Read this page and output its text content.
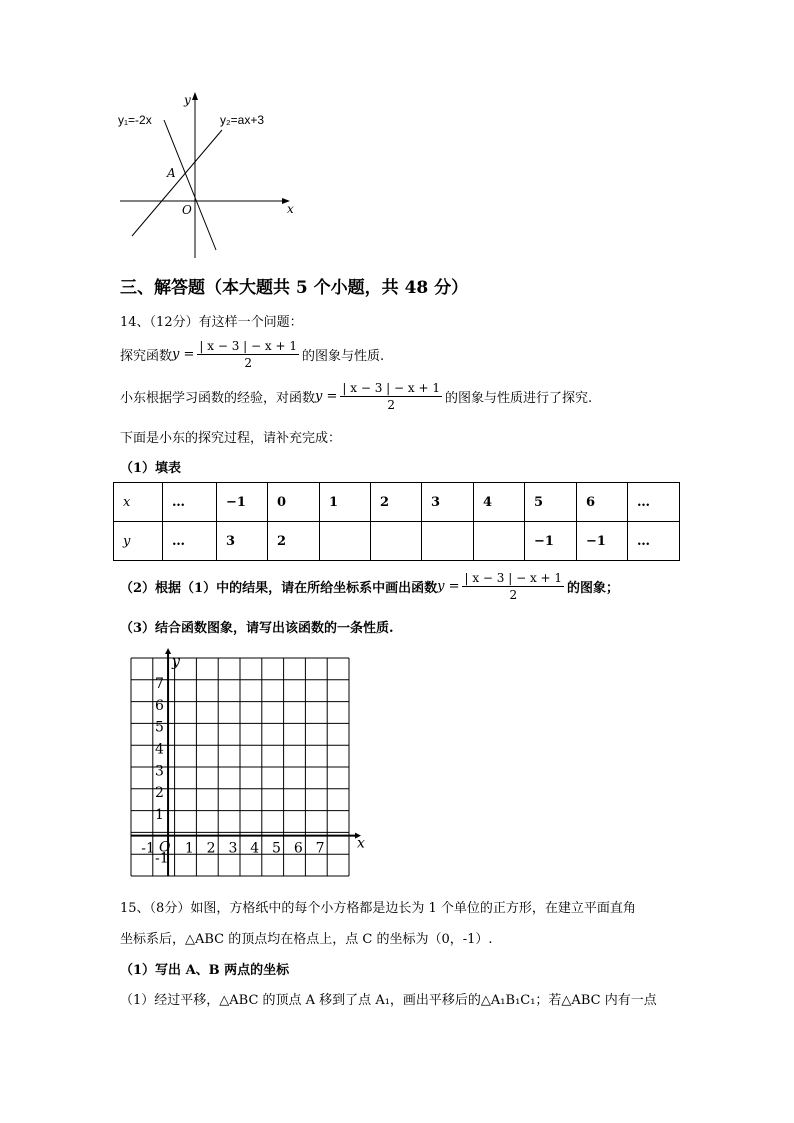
y₁=-2x	y₂=ax+3
A
O	x
y
三、解答题（本大题共 5 个小题，共 48 分）
14、（12分）有这样一个问题：
探究函数 $y = \frac{| x - 3 | - x + 1}{2}$ 的图象与性质.
小东根据学习函数的经验，对函数 $y = \frac{| x - 3 | - x + 1}{2}$ 的图象与性质进行了探究.
下面是小东的探究过程，请补充完成：
（1）填表
x	…	−1	0	1	2	3	4	5	6	…
y	…	3	2					−1	−1	…
（2）根据（1）中的结果，请在所给坐标系中画出函数 $y = \frac{| x - 3 | - x + 1}{2}$ 的图象；
（3）结合函数图象，请写出该函数的一条性质.
7
6
5
4
3
2
1
-1
-1 1 2 3 4 5 6 7
O	x
y
15、（8分）如图，方格纸中的每个小方格都是边长为 1 个单位的正方形，在建立平面直角
坐标系后，△ABC 的顶点均在格点上，点 C 的坐标为（0，-1）.
（1）写出 A、B 两点的坐标
（1）经过平移，△ABC 的顶点 A 移到了点 A₁，画出平移后的△A₁B₁C₁；若△ABC 内有一点
